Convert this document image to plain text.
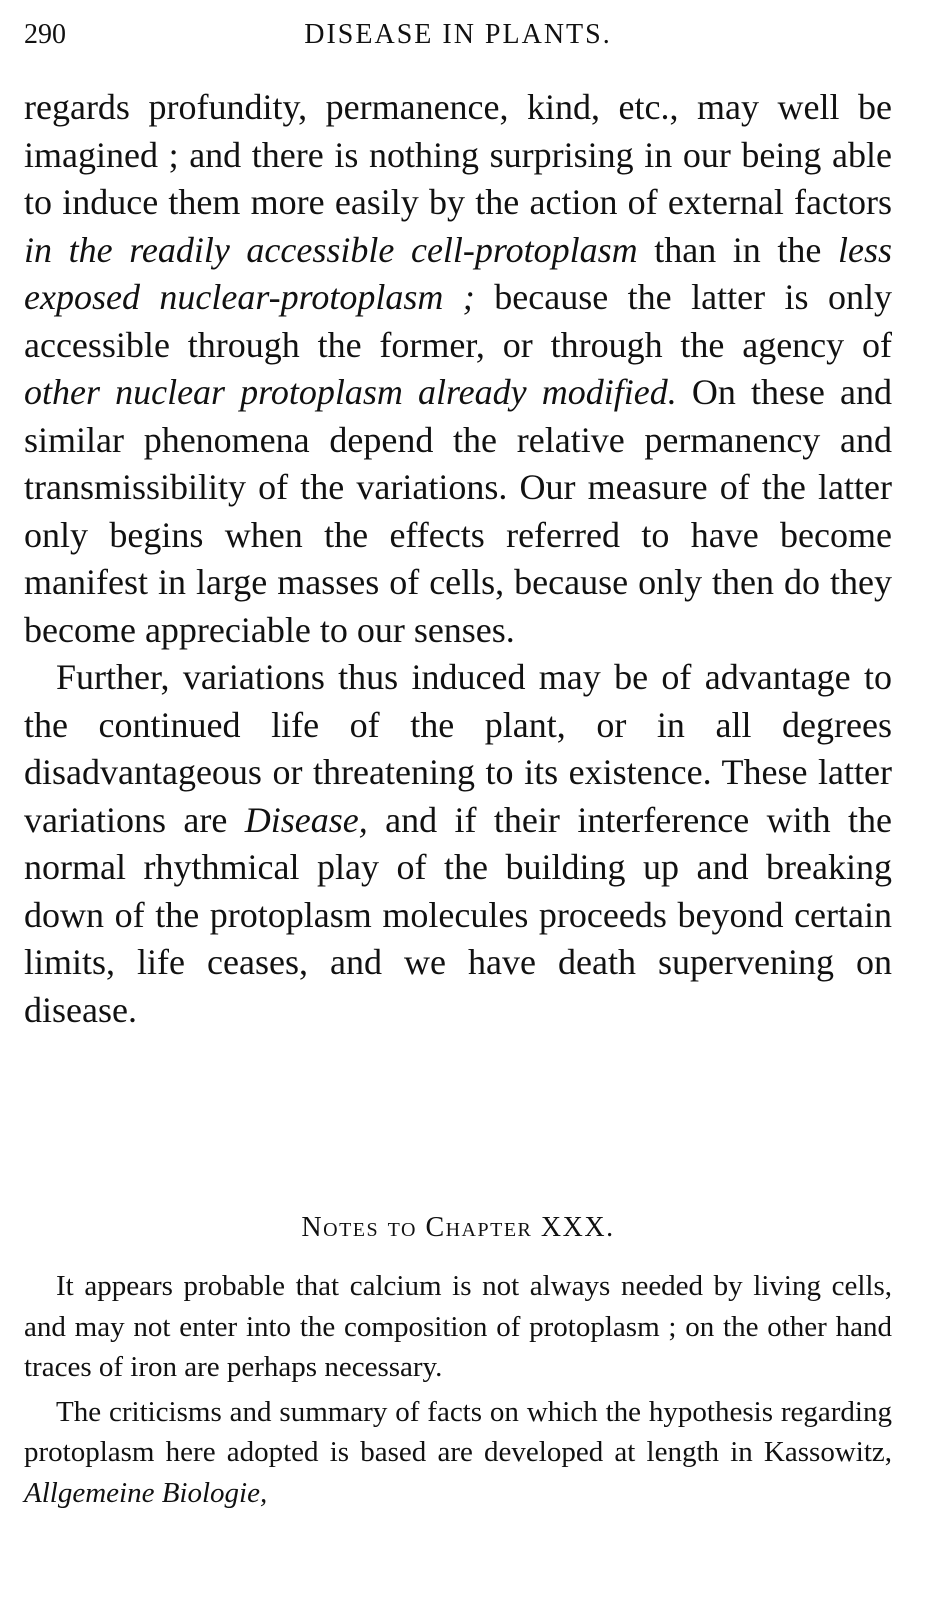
290	DISEASE IN PLANTS.

regards profundity, permanence, kind, etc., may well be imagined ; and there is nothing surprising in our being able to induce them more easily by the action of external factors in the readily accessible cell-protoplasm than in the less exposed nuclear-protoplasm ; because the latter is only accessible through the former, or through the agency of other nuclear protoplasm already modified. On these and similar phenomena depend the relative permanency and transmissibility of the variations. Our measure of the latter only begins when the effects referred to have become manifest in large masses of cells, because only then do they become appreciable to our senses.

Further, variations thus induced may be of advantage to the continued life of the plant, or in all degrees disadvantageous or threatening to its existence. These latter variations are Disease, and if their interference with the normal rhythmical play of the building up and breaking down of the protoplasm molecules proceeds beyond certain limits, life ceases, and we have death supervening on disease.

Notes to Chapter XXX.

It appears probable that calcium is not always needed by living cells, and may not enter into the composition of protoplasm ; on the other hand traces of iron are perhaps necessary.

The criticisms and summary of facts on which the hypothesis regarding protoplasm here adopted is based are developed at length in Kassowitz, Allgemeine Biologie,
